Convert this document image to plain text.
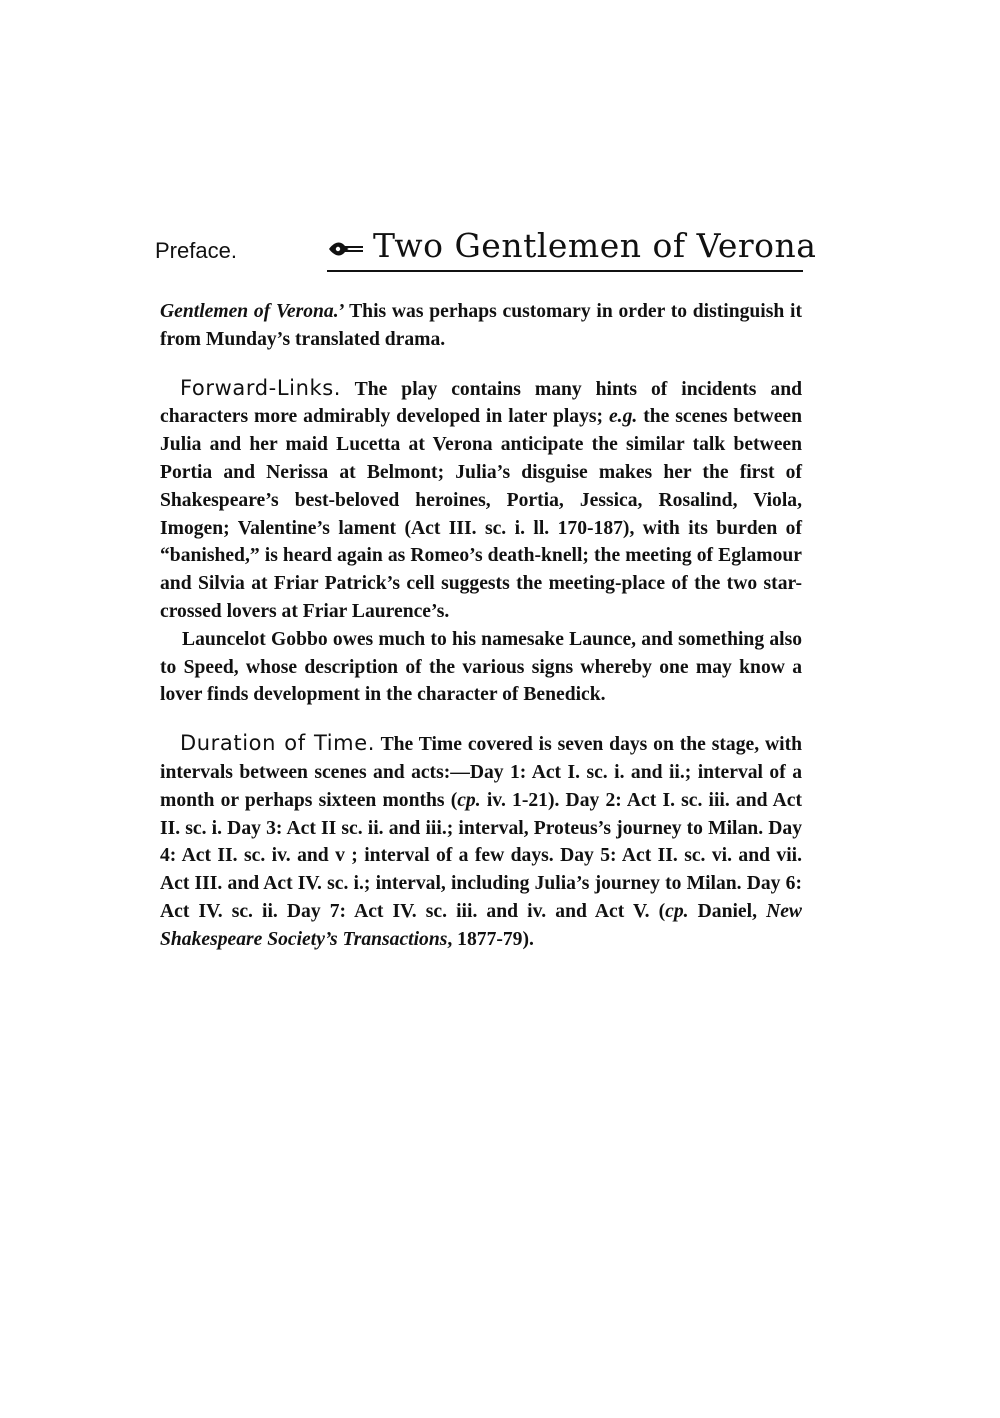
Preface.	Two Gentlemen of Verona

Gentlemen of Verona.’ This was perhaps customary in order to distinguish it from Munday’s translated drama.

Forward-Links. The play contains many hints of incidents and characters more admirably developed in later plays; e.g. the scenes between Julia and her maid Lucetta at Verona anticipate the similar talk between Portia and Nerissa at Belmont; Julia’s disguise makes her the first of Shakespeare’s best-beloved heroines, Portia, Jessica, Rosalind, Viola, Imogen; Valentine’s lament (Act III. sc. i. ll. 170-187), with its burden of “banished,” is heard again as Romeo’s death-knell; the meeting of Eglamour and Silvia at Friar Patrick’s cell suggests the meeting-place of the two star-crossed lovers at Friar Laurence’s.

Launcelot Gobbo owes much to his namesake Launce, and something also to Speed, whose description of the various signs whereby one may know a lover finds development in the character of Benedick.

Duration of Time. The Time covered is seven days on the stage, with intervals between scenes and acts:—Day 1: Act I. sc. i. and ii.; interval of a month or perhaps sixteen months (cp. iv. 1-21). Day 2: Act I. sc. iii. and Act II. sc. i. Day 3: Act II sc. ii. and iii.; interval, Proteus’s journey to Milan. Day 4: Act II. sc. iv. and v ; interval of a few days. Day 5: Act II. sc. vi. and vii. Act III. and Act IV. sc. i.; interval, including Julia’s journey to Milan. Day 6: Act IV. sc. ii. Day 7: Act IV. sc. iii. and iv. and Act V. (cp. Daniel, New Shakespeare Society’s Transactions, 1877-79).
